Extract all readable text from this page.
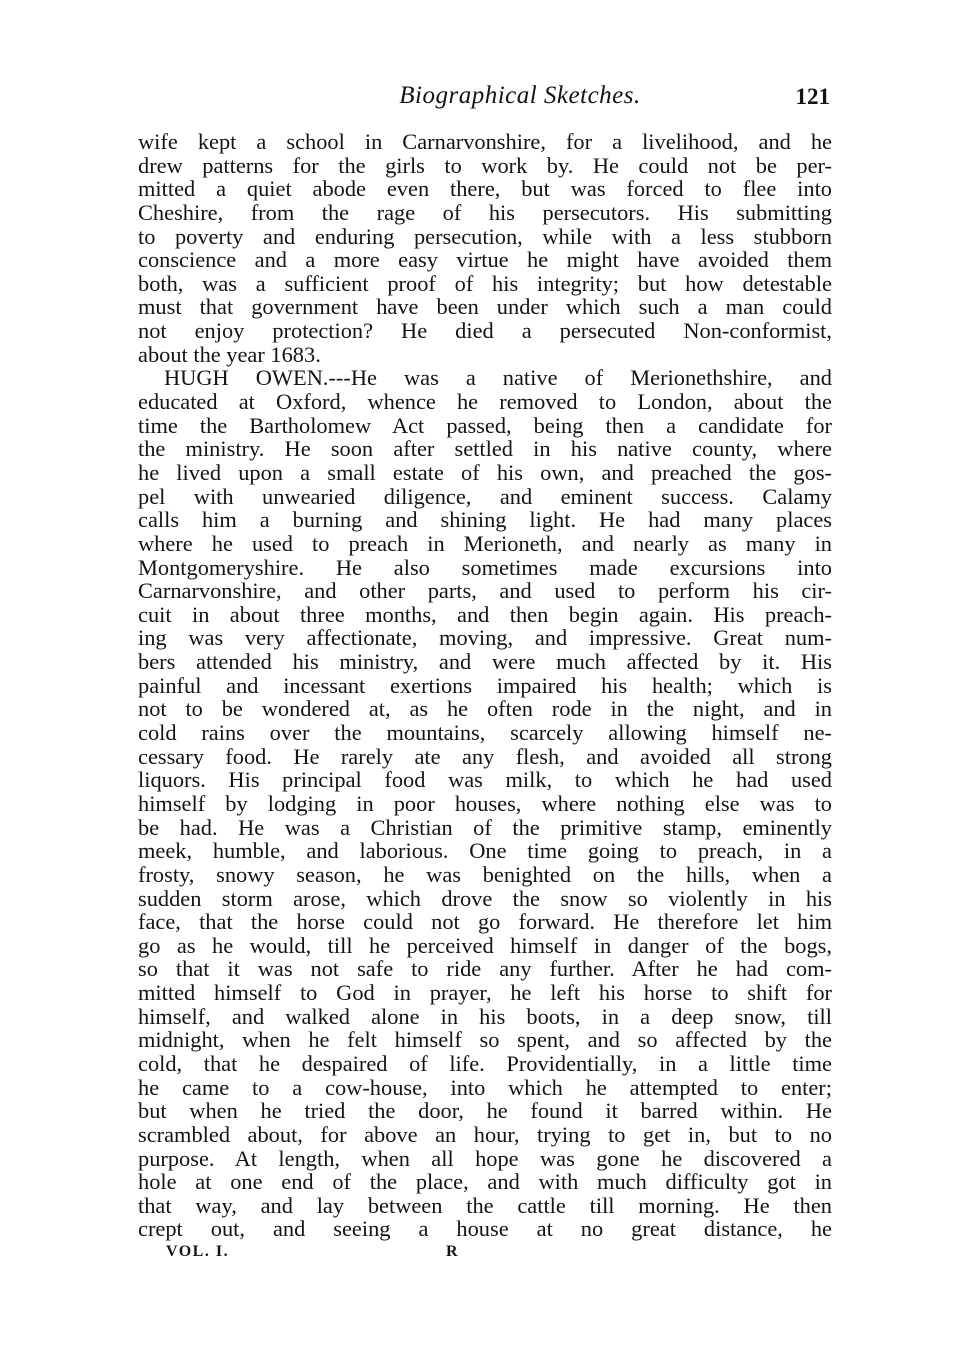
Biographical Sketches.	121
wife kept a school in Carnarvonshire, for a livelihood, and he
drew patterns for the girls to work by. He could not be per-
mitted a quiet abode even there, but was forced to flee into
Cheshire, from the rage of his persecutors. His submitting
to poverty and enduring persecution, while with a less stubborn
conscience and a more easy virtue he might have avoided them
both, was a sufficient proof of his integrity; but how detestable
must that government have been under which such a man could
not enjoy protection? He died a persecuted Non-conformist,
about the year 1683.
HUGH OWEN.---He was a native of Merionethshire, and
educated at Oxford, whence he removed to London, about the
time the Bartholomew Act passed, being then a candidate for
the ministry. He soon after settled in his native county, where
he lived upon a small estate of his own, and preached the gos-
pel with unwearied diligence, and eminent success. Calamy
calls him a burning and shining light. He had many places
where he used to preach in Merioneth, and nearly as many in
Montgomeryshire. He also sometimes made excursions into
Carnarvonshire, and other parts, and used to perform his cir-
cuit in about three months, and then begin again. His preach-
ing was very affectionate, moving, and impressive. Great num-
bers attended his ministry, and were much affected by it. His
painful and incessant exertions impaired his health; which is
not to be wondered at, as he often rode in the night, and in
cold rains over the mountains, scarcely allowing himself ne-
cessary food. He rarely ate any flesh, and avoided all strong
liquors. His principal food was milk, to which he had used
himself by lodging in poor houses, where nothing else was to
be had. He was a Christian of the primitive stamp, eminently
meek, humble, and laborious. One time going to preach, in a
frosty, snowy season, he was benighted on the hills, when a
sudden storm arose, which drove the snow so violently in his
face, that the horse could not go forward. He therefore let him
go as he would, till he perceived himself in danger of the bogs,
so that it was not safe to ride any further. After he had com-
mitted himself to God in prayer, he left his horse to shift for
himself, and walked alone in his boots, in a deep snow, till
midnight, when he felt himself so spent, and so affected by the
cold, that he despaired of life. Providentially, in a little time
he came to a cow-house, into which he attempted to enter;
but when he tried the door, he found it barred within. He
scrambled about, for above an hour, trying to get in, but to no
purpose. At length, when all hope was gone he discovered a
hole at one end of the place, and with much difficulty got in
that way, and lay between the cattle till morning. He then
crept out, and seeing a house at no great distance, he
VOL. I.	R
